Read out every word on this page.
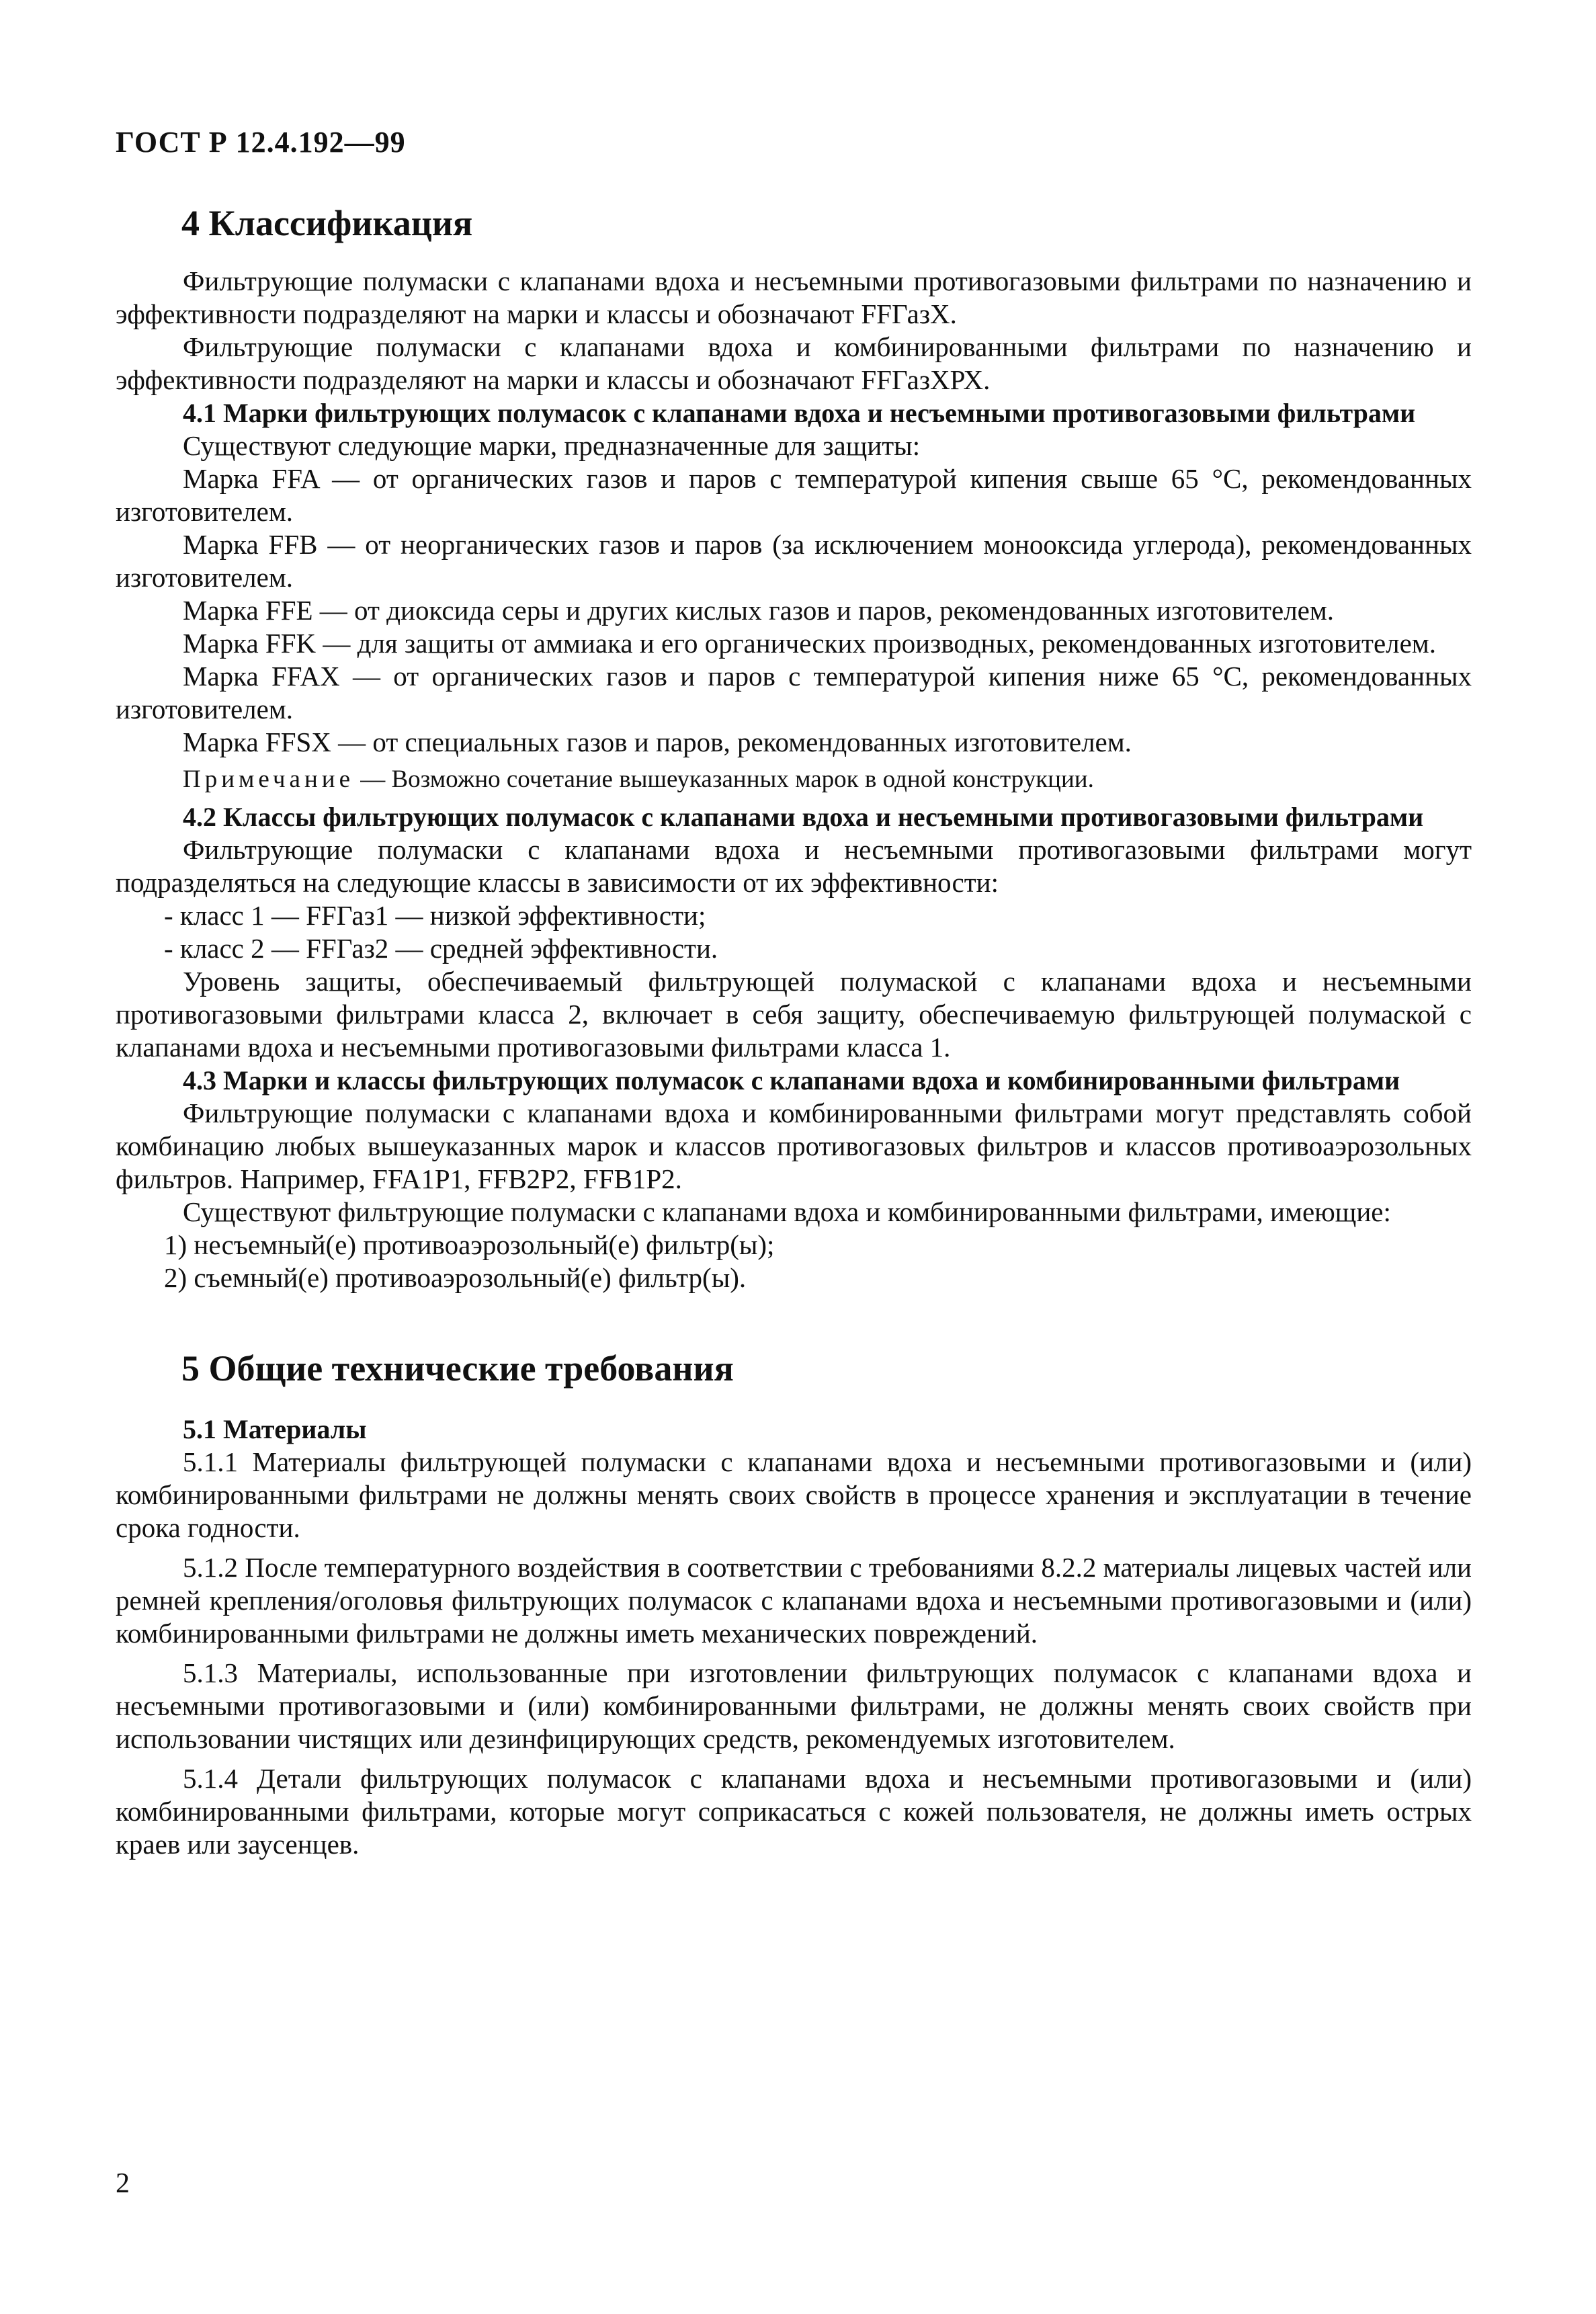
ГОСТ Р 12.4.192—99
4 Классификация

Фильтрующие полумаски с клапанами вдоха и несъемными противогазовыми фильтрами по назначению и эффективности подразделяют на марки и классы и обозначают FFГазХ.

Фильтрующие полумаски с клапанами вдоха и комбинированными фильтрами по назначению и эффективности подразделяют на марки и классы и обозначают FFГазХРХ.

4.1 Марки фильтрующих полумасок с клапанами вдоха и несъемными противогазовыми фильтрами

Существуют следующие марки, предназначенные для защиты:

Марка FFA — от органических газов и паров с температурой кипения свыше 65 °С, рекомендованных изготовителем.

Марка FFB — от неорганических газов и паров (за исключением монооксида углерода), рекомендованных изготовителем.

Марка FFE — от диоксида серы и других кислых газов и паров, рекомендованных изготовителем.

Марка FFK — для защиты от аммиака и его органических производных, рекомендованных изготовителем.

Марка FFAX — от органических газов и паров с температурой кипения ниже 65 °С, рекомендованных изготовителем.

Марка FFSX — от специальных газов и паров, рекомендованных изготовителем.

Примечание — Возможно сочетание вышеуказанных марок в одной конструкции.

4.2 Классы фильтрующих полумасок с клапанами вдоха и несъемными противогазовыми фильтрами

Фильтрующие полумаски с клапанами вдоха и несъемными противогазовыми фильтрами могут подразделяться на следующие классы в зависимости от их эффективности:

- класс 1 — FFГаз1 — низкой эффективности;

- класс 2 — FFГаз2 — средней эффективности.

Уровень защиты, обеспечиваемый фильтрующей полумаской с клапанами вдоха и несъемными противогазовыми фильтрами класса 2, включает в себя защиту, обеспечиваемую фильтрующей полумаской с клапанами вдоха и несъемными противогазовыми фильтрами класса 1.

4.3 Марки и классы фильтрующих полумасок с клапанами вдоха и комбинированными фильтрами

Фильтрующие полумаски с клапанами вдоха и комбинированными фильтрами могут представлять собой комбинацию любых вышеуказанных марок и классов противогазовых фильтров и классов противоаэрозольных фильтров. Например, FFA1P1, FFB2P2, FFB1P2.

Существуют фильтрующие полумаски с клапанами вдоха и комбинированными фильтрами, имеющие:

1) несъемный(е) противоаэрозольный(е) фильтр(ы);

2) съемный(е) противоаэрозольный(е) фильтр(ы).

5 Общие технические требования

5.1 Материалы

5.1.1 Материалы фильтрующей полумаски с клапанами вдоха и несъемными противогазовыми и (или) комбинированными фильтрами не должны менять своих свойств в процессе хранения и эксплуатации в течение срока годности.

5.1.2 После температурного воздействия в соответствии с требованиями 8.2.2 материалы лицевых частей или ремней крепления/оголовья фильтрующих полумасок с клапанами вдоха и несъемными противогазовыми и (или) комбинированными фильтрами не должны иметь механических повреждений.

5.1.3 Материалы, использованные при изготовлении фильтрующих полумасок с клапанами вдоха и несъемными противогазовыми и (или) комбинированными фильтрами, не должны менять своих свойств при использовании чистящих или дезинфицирующих средств, рекомендуемых изготовителем.

5.1.4 Детали фильтрующих полумасок с клапанами вдоха и несъемными противогазовыми и (или) комбинированными фильтрами, которые могут соприкасаться с кожей пользователя, не должны иметь острых краев или заусенцев.

2
